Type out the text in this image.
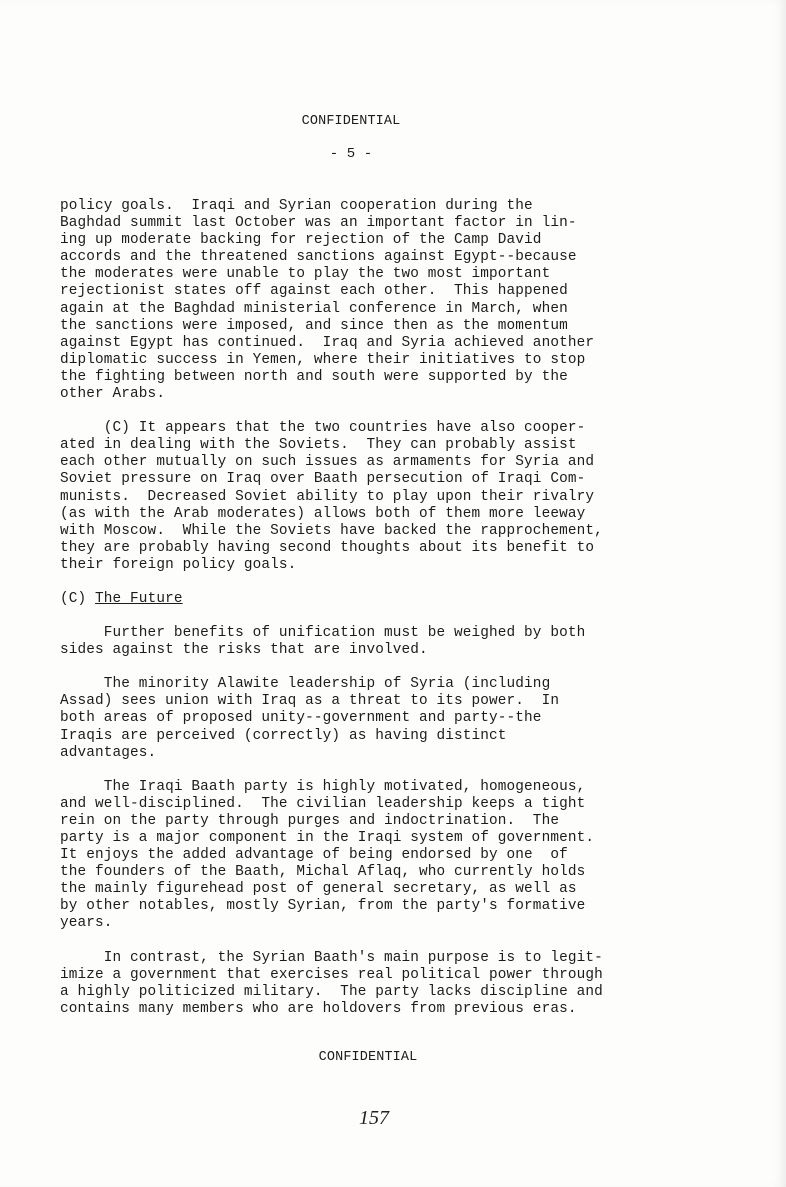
CONFIDENTIAL
- 5 -

policy goals.  Iraqi and Syrian cooperation during the
Baghdad summit last October was an important factor in lin-
ing up moderate backing for rejection of the Camp David
accords and the threatened sanctions against Egypt--because
the moderates were unable to play the two most important
rejectionist states off against each other.  This happened
again at the Baghdad ministerial conference in March, when
the sanctions were imposed, and since then as the momentum
against Egypt has continued.  Iraq and Syria achieved another
diplomatic success in Yemen, where their initiatives to stop
the fighting between north and south were supported by the
other Arabs.

(C) It appears that the two countries have also cooper-
ated in dealing with the Soviets.  They can probably assist
each other mutually on such issues as armaments for Syria and
Soviet pressure on Iraq over Baath persecution of Iraqi Com-
munists.  Decreased Soviet ability to play upon their rivalry
(as with the Arab moderates) allows both of them more leeway
with Moscow.  While the Soviets have backed the rapprochement,
they are probably having second thoughts about its benefit to
their foreign policy goals.

(C) The Future

Further benefits of unification must be weighed by both
sides against the risks that are involved.

The minority Alawite leadership of Syria (including
Assad) sees union with Iraq as a threat to its power.  In
both areas of proposed unity--government and party--the
Iraqis are perceived (correctly) as having distinct
advantages.

The Iraqi Baath party is highly motivated, homogeneous,
and well-disciplined.  The civilian leadership keeps a tight
rein on the party through purges and indoctrination.  The
party is a major component in the Iraqi system of government.
It enjoys the added advantage of being endorsed by one  of
the founders of the Baath, Michal Aflaq, who currently holds
the mainly figurehead post of general secretary, as well as
by other notables, mostly Syrian, from the party's formative
years.

In contrast, the Syrian Baath's main purpose is to legit-
imize a government that exercises real political power through
a highly politicized military.  The party lacks discipline and
contains many members who are holdovers from previous eras.

CONFIDENTIAL
157
